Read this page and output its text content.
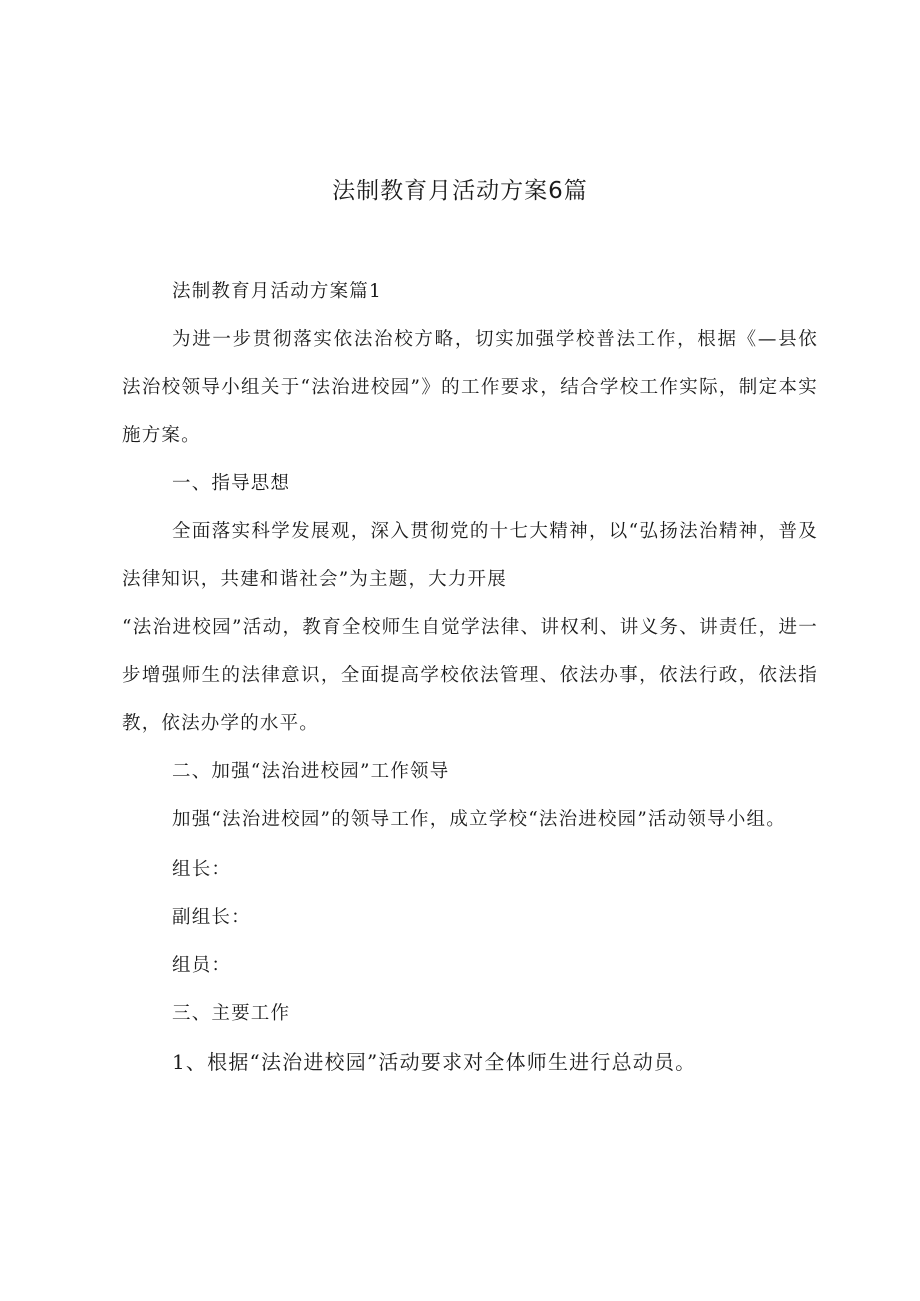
法制教育月活动方案6篇

法制教育月活动方案篇1

为进一步贯彻落实依法治校方略，切实加强学校普法工作，根据《—县依法治校领导小组关于“法治进校园”》的工作要求，结合学校工作实际，制定本实施方案。

一、指导思想

全面落实科学发展观，深入贯彻党的十七大精神，以“弘扬法治精神，普及法律知识，共建和谐社会”为主题，大力开展

“法治进校园”活动，教育全校师生自觉学法律、讲权利、讲义务、讲责任，进一步增强师生的法律意识，全面提高学校依法管理、依法办事，依法行政，依法指教，依法办学的水平。

二、加强“法治进校园”工作领导

加强“法治进校园”的领导工作，成立学校“法治进校园”活动领导小组。

组长：

副组长：

组员：

三、主要工作

1、根据“法治进校园”活动要求对全体师生进行总动员。
